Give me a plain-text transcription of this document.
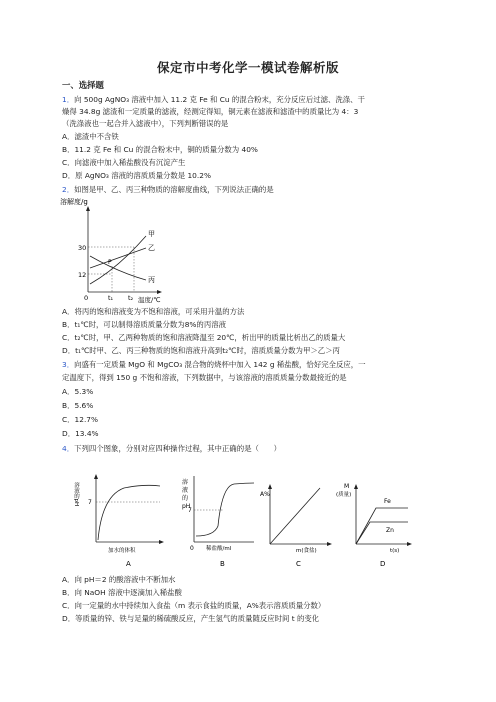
保定市中考化学一模试卷解析版
一、选择题
1．向 500g AgNO₃ 溶液中加入 11.2 克 Fe 和 Cu 的混合粉末，充分反应后过滤、洗涤、干
燥得 34.8g 滤渣和一定质量的滤液，经测定得知，铜元素在滤液和滤渣中的质量比为 4：3
（洗涤液也一起合并入滤液中），下列判断错误的是
A．滤渣中不含铁
B．11.2 克 Fe 和 Cu 的混合粉末中，铜的质量分数为 40%
C．向滤液中加入稀盐酸没有沉淀产生
D．原 AgNO₃ 溶液的溶质质量分数是 10.2%
2．如图是甲、乙、丙三种物质的溶解度曲线，下列说法正确的是
溶解度/g
30
12
0	t₁ t₂ 温度/℃
甲
乙
丙
P
A．将丙的饱和溶液变为不饱和溶液，可采用升温的方法
B．t₁℃时，可以制得溶质质量分数为8%的丙溶液
C．t₂℃时，甲、乙两种物质的饱和溶液降温至 20℃，析出甲的质量比析出乙的质量大
D．t₁℃时甲、乙、丙三种物质的饱和溶液升高到t₂℃时，溶质质量分数为甲＞乙＞丙
3．向盛有一定质量 MgO 和 MgCO₃ 混合物的烧杯中加入 142 g 稀盐酸，恰好完全反应，一
定温度下，得到 150 g 不饱和溶液，下列数据中，与该溶液的溶质质量分数最接近的是
A．5.3%
B．5.6%
C．12.7%
D．13.4%
4．下列四个图象，分别对应四种操作过程，其中正确的是（　　）
溶液的pH 7
加水的体积
A
溶
液
的
pH
7
0 稀盐酸/ml
B
A%
m(食盐)
C
M
(质量)
Fe
Zn
t(s)
D
A．向 pH＝2 的酸溶液中不断加水
B．向 NaOH 溶液中逐滴加入稀盐酸
C．向一定量的水中持续加入食盐（m 表示食盐的质量，A%表示溶质质量分数）
D．等质量的锌、铁与足量的稀硫酸反应，产生氢气的质量随反应时间 t 的变化
